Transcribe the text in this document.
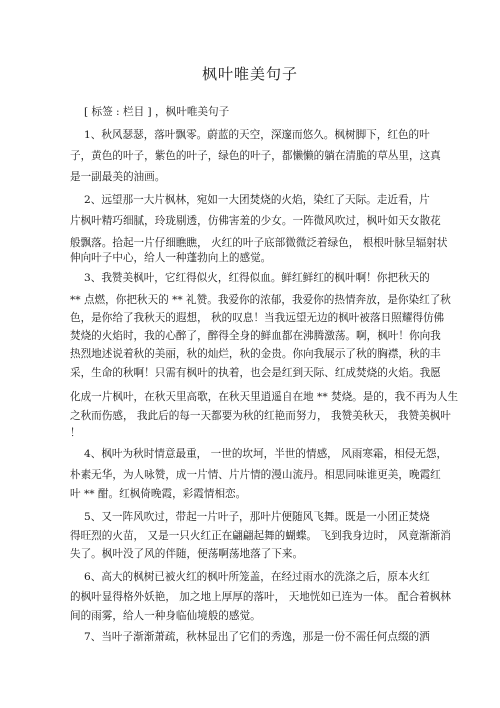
枫叶唯美句子
[ 标签 : 栏目 ] ，枫叶唯美句子
1、秋风瑟瑟，落叶飘零。蔚蓝的天空，深邃而悠久。枫树脚下，红色的叶
子，黄色的叶子，紫色的叶子，绿色的叶子，都懒懒的躺在清脆的草丛里，这真
是一副最美的油画。
2、远望那一大片枫林，宛如一大团焚烧的火焰，染红了天际。走近看，片
片枫叶精巧细腻，玲珑剔透，仿佛害羞的少女。一阵微风吹过，枫叶如天女散花
般飘落。拾起一片仔细瞧瞧， 火红的叶子底部微微泛着绿色， 根根叶脉呈辐射状
伸向叶子中心，给人一种蓬勃向上的感觉。
3、我赞美枫叶，它红得似火，红得似血。鲜红鲜红的枫叶啊！你把秋天的
** 点燃，你把秋天的 ** 礼赞。我爱你的浓郁，我爱你的热情奔放，是你染红了秋
色，是你给了我秋天的遐想， 秋的叹息！当我远望无边的枫叶被落日照耀得仿佛
焚烧的火焰时，我的心醉了，醉得全身的鲜血都在沸腾激荡。啊，枫叶！你向我
热烈地述说着秋的美丽，秋的灿烂，秋的金贵。你向我展示了秋的胸襟，秋的丰
采，生命的秋啊！只需有枫叶的执着，也会是红到天际、红成焚烧的火焰。我愿
化成一片枫叶，在秋天里高歌，在秋天里逍遥自在地 ** 焚烧。是的，我不再为人生
之秋而伤感， 我此后的每一天都要为秋的红艳而努力， 我赞美秋天， 我赞美枫叶
！
4、枫叶为秋时情意最重， 一世的坎坷，半世的情感， 风雨寒霜，相侵无怨，
朴素无华，为人咏赞，成一片情、片片情的漫山流丹。相思同味谁更美，晚霞红
叶 ** 酣。红枫倚晚霞，彩霞情相恋。
5、又一阵风吹过，带起一片叶子，那叶片便随风飞舞。既是一小团正焚烧
得旺烈的火苗， 又是一只火红正在翩翩起舞的蝴蝶。 飞到我身边时， 风竟渐渐消
失了。枫叶没了风的伴随，便荡啊荡地落了下来。
6、高大的枫树已被火红的枫叶所笼盖，在经过雨水的洗涤之后，原本火红
的枫叶显得格外妖艳， 加之地上厚厚的落叶， 天地恍如已连为一体。 配合着枫林
间的雨雾，给人一种身临仙境般的感觉。
7、当叶子渐渐萧疏，秋林显出了它们的秀逸，那是一份不需任何点缀的洒
